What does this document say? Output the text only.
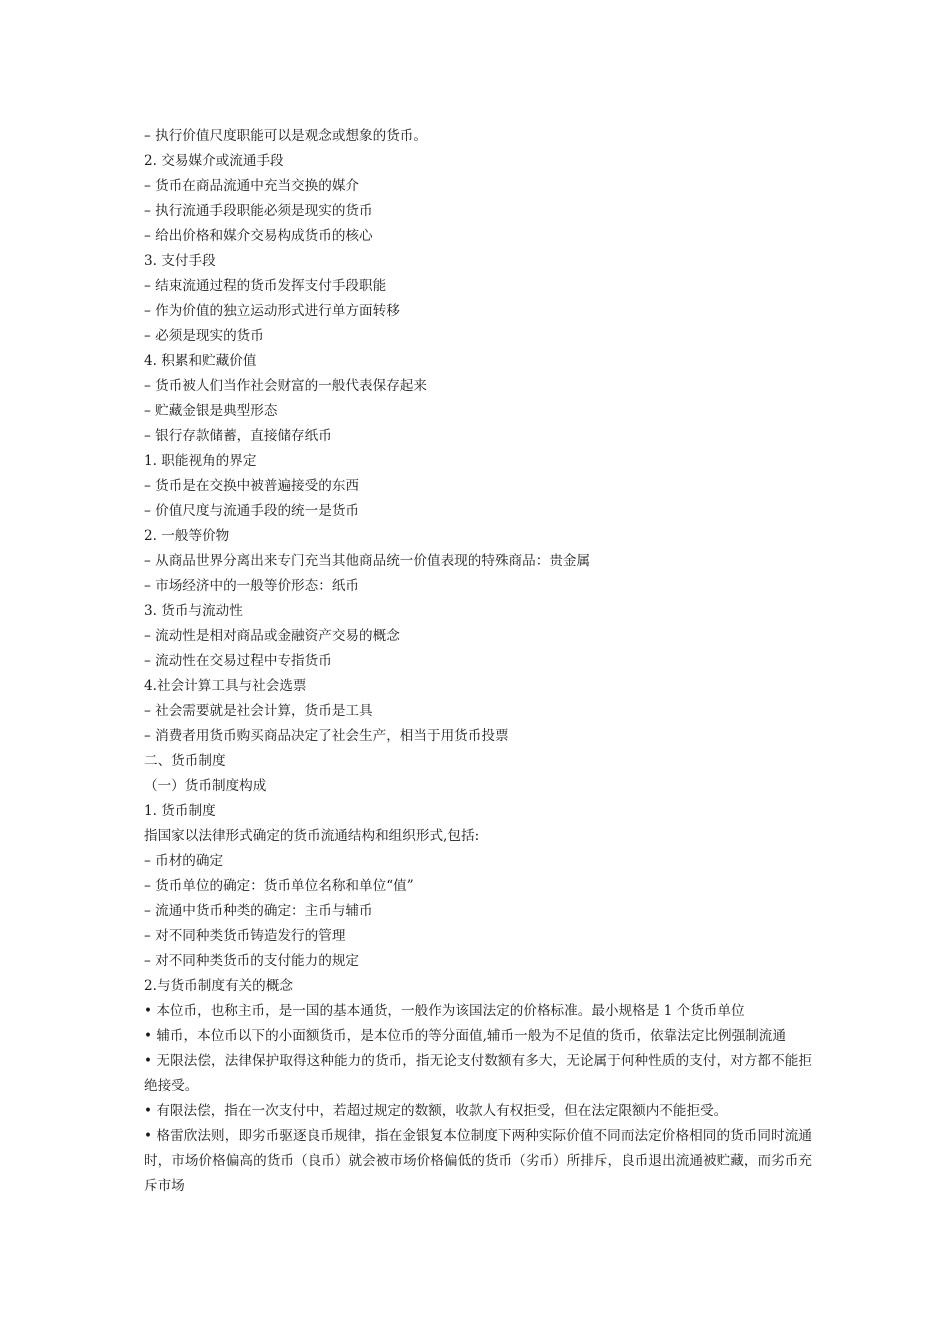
– 执行价值尺度职能可以是观念或想象的货币。

2. 交易媒介或流通手段

– 货币在商品流通中充当交换的媒介

– 执行流通手段职能必须是现实的货币

– 给出价格和媒介交易构成货币的核心

3. 支付手段

– 结束流通过程的货币发挥支付手段职能

– 作为价值的独立运动形式进行单方面转移

– 必须是现实的货币

4. 积累和贮藏价值

– 货币被人们当作社会财富的一般代表保存起来

– 贮藏金银是典型形态

– 银行存款储蓄，直接储存纸币

1. 职能视角的界定

– 货币是在交换中被普遍接受的东西

– 价值尺度与流通手段的统一是货币

2. 一般等价物

– 从商品世界分离出来专门充当其他商品统一价值表现的特殊商品：贵金属

– 市场经济中的一般等价形态：纸币

3. 货币与流动性

– 流动性是相对商品或金融资产交易的概念

– 流动性在交易过程中专指货币

4.社会计算工具与社会选票

– 社会需要就是社会计算，货币是工具

– 消费者用货币购买商品决定了社会生产，相当于用货币投票

二、货币制度

（一）货币制度构成

1. 货币制度

指国家以法律形式确定的货币流通结构和组织形式,包括:

– 币材的确定

– 货币单位的确定：货币单位名称和单位“值”

– 流通中货币种类的确定：主币与辅币

– 对不同种类货币铸造发行的管理

– 对不同种类货币的支付能力的规定

2.与货币制度有关的概念

• 本位币，也称主币，是一国的基本通货，一般作为该国法定的价格标准。最小规格是 1 个货币单位

• 辅币，本位币以下的小面额货币，是本位币的等分面值,辅币一般为不足值的货币，依靠法定比例强制流通

• 无限法偿，法律保护取得这种能力的货币，指无论支付数额有多大，无论属于何种性质的支付，对方都不能拒绝接受。

• 有限法偿，指在一次支付中，若超过规定的数额，收款人有权拒受，但在法定限额内不能拒受。

• 格雷欣法则，即劣币驱逐良币规律，指在金银复本位制度下两种实际价值不同而法定价格相同的货币同时流通时，市场价格偏高的货币（良币）就会被市场价格偏低的货币（劣币）所排斥，良币退出流通被贮藏，而劣币充斥市场
